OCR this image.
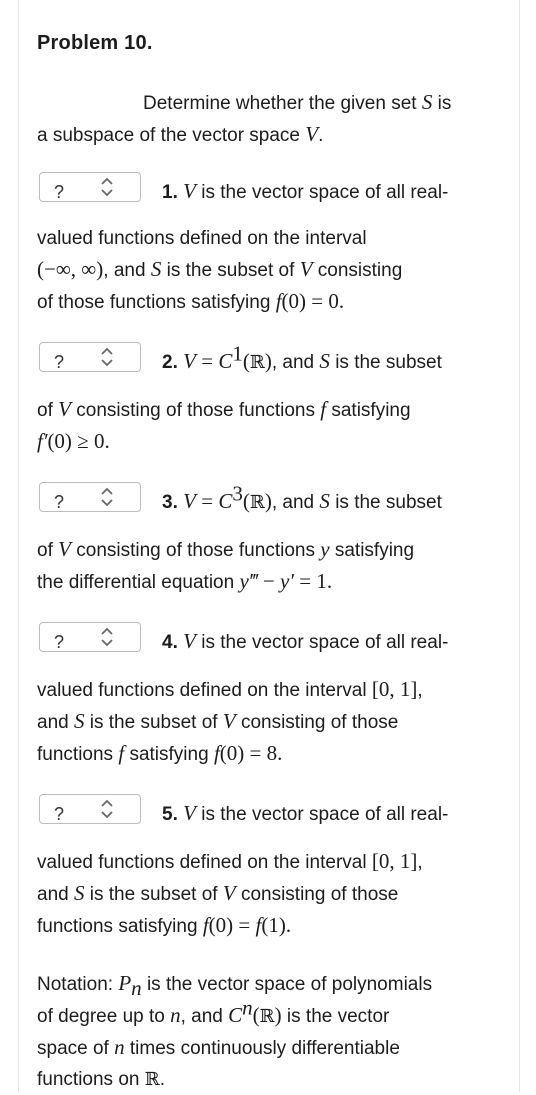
Problem 10.
Determine whether the given set S is
a subspace of the vector space V.
?	1. V is the vector space of all real-
valued functions defined on the interval
(−∞, ∞), and S is the subset of V consisting
of those functions satisfying f(0) = 0.
?	2. $V = C^1(ℝ)$, and S is the subset
of V consisting of those functions f satisfying
f′(0) ≥ 0.
?	3. $V = C^3(ℝ)$, and S is the subset
of V consisting of those functions y satisfying
the differential equation y‴ − y′ = 1.
?	4. V is the vector space of all real-
valued functions defined on the interval [0, 1],
and S is the subset of V consisting of those
functions f satisfying f(0) = 8.
?	5. V is the vector space of all real-
valued functions defined on the interval [0, 1],
and S is the subset of V consisting of those
functions satisfying f(0) = f(1).
Notation: $P_n$ is the vector space of polynomials
of degree up to n, and $C^n(ℝ)$ is the vector
space of n times continuously differentiable
functions on ℝ.
